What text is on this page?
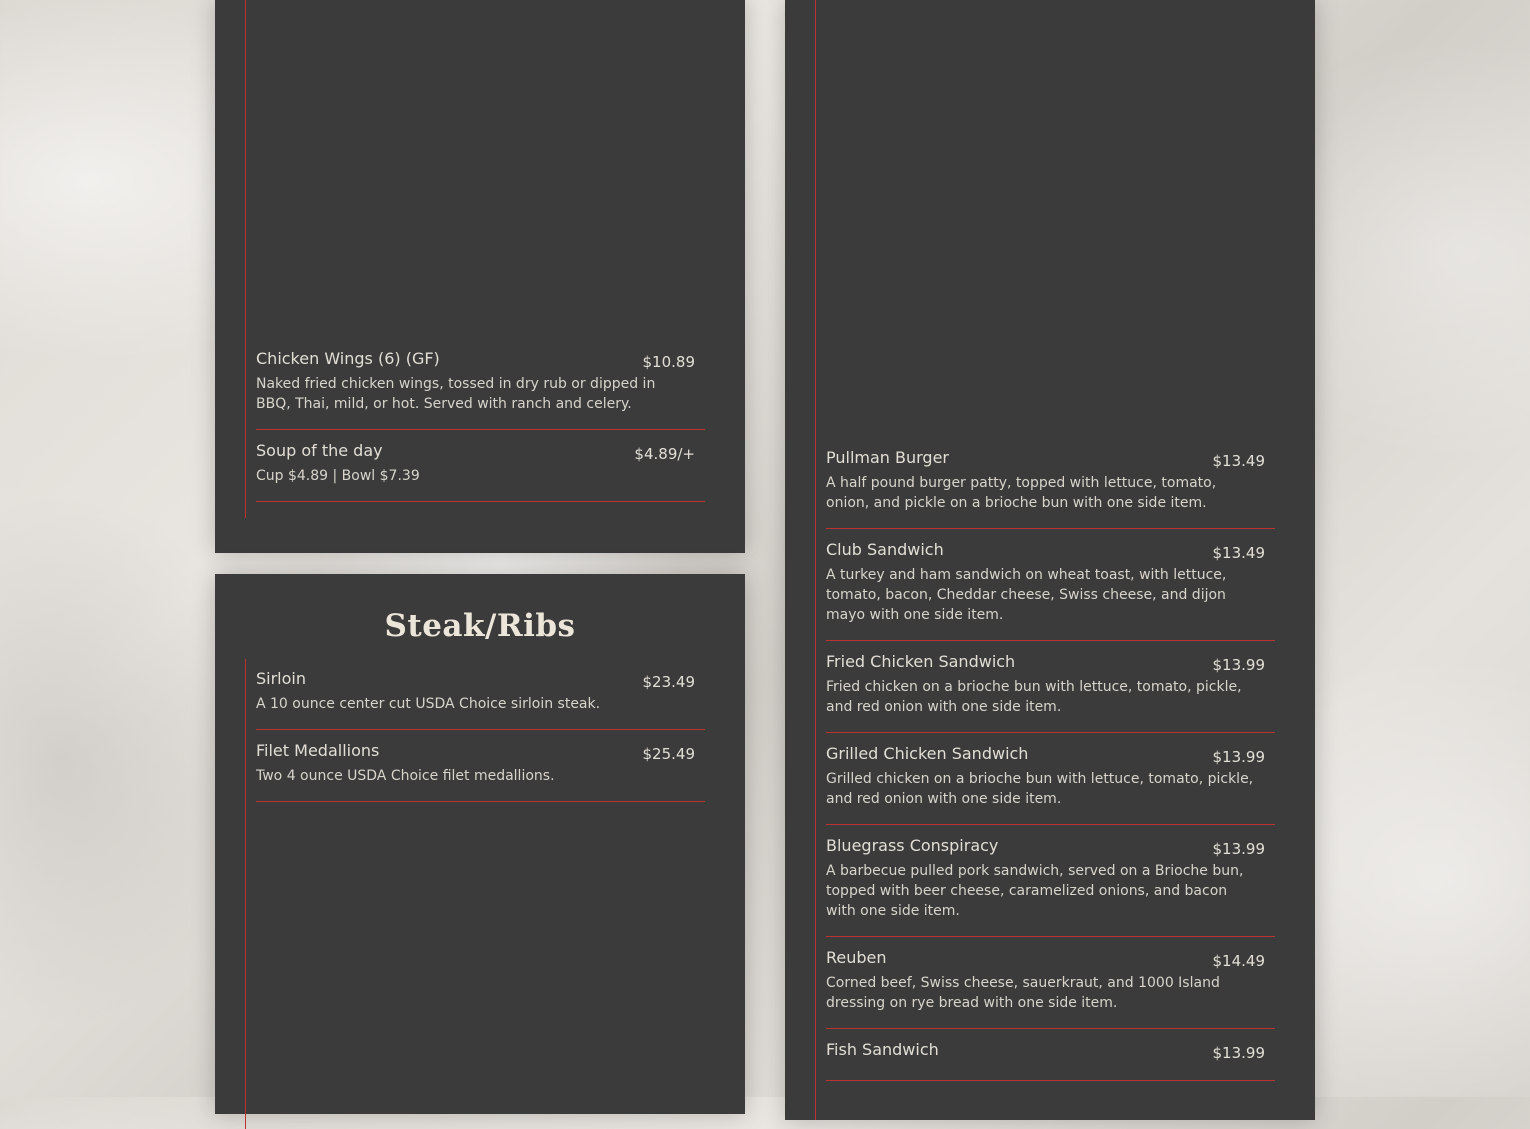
Chicken Wings (6) (GF)	$10.89
Naked fried chicken wings, tossed in dry rub or dipped in BBQ, Thai, mild, or hot. Served with ranch and celery.
Soup of the day	$4.89/+
Cup $4.89 | Bowl $7.39
Steak/Ribs
Sirloin	$23.49
A 10 ounce center cut USDA Choice sirloin steak.
Filet Medallions	$25.49
Two 4 ounce USDA Choice filet medallions.
Pullman Burger	$13.49
A half pound burger patty, topped with lettuce, tomato, onion, and pickle on a brioche bun with one side item.
Club Sandwich	$13.49
A turkey and ham sandwich on wheat toast, with lettuce, tomato, bacon, Cheddar cheese, Swiss cheese, and dijon mayo with one side item.
Fried Chicken Sandwich	$13.99
Fried chicken on a brioche bun with lettuce, tomato, pickle, and red onion with one side item.
Grilled Chicken Sandwich	$13.99
Grilled chicken on a brioche bun with lettuce, tomato, pickle, and red onion with one side item.
Bluegrass Conspiracy	$13.99
A barbecue pulled pork sandwich, served on a Brioche bun, topped with beer cheese, caramelized onions, and bacon with one side item.
Reuben	$14.49
Corned beef, Swiss cheese, sauerkraut, and 1000 Island dressing on rye bread with one side item.
Fish Sandwich	$13.99
